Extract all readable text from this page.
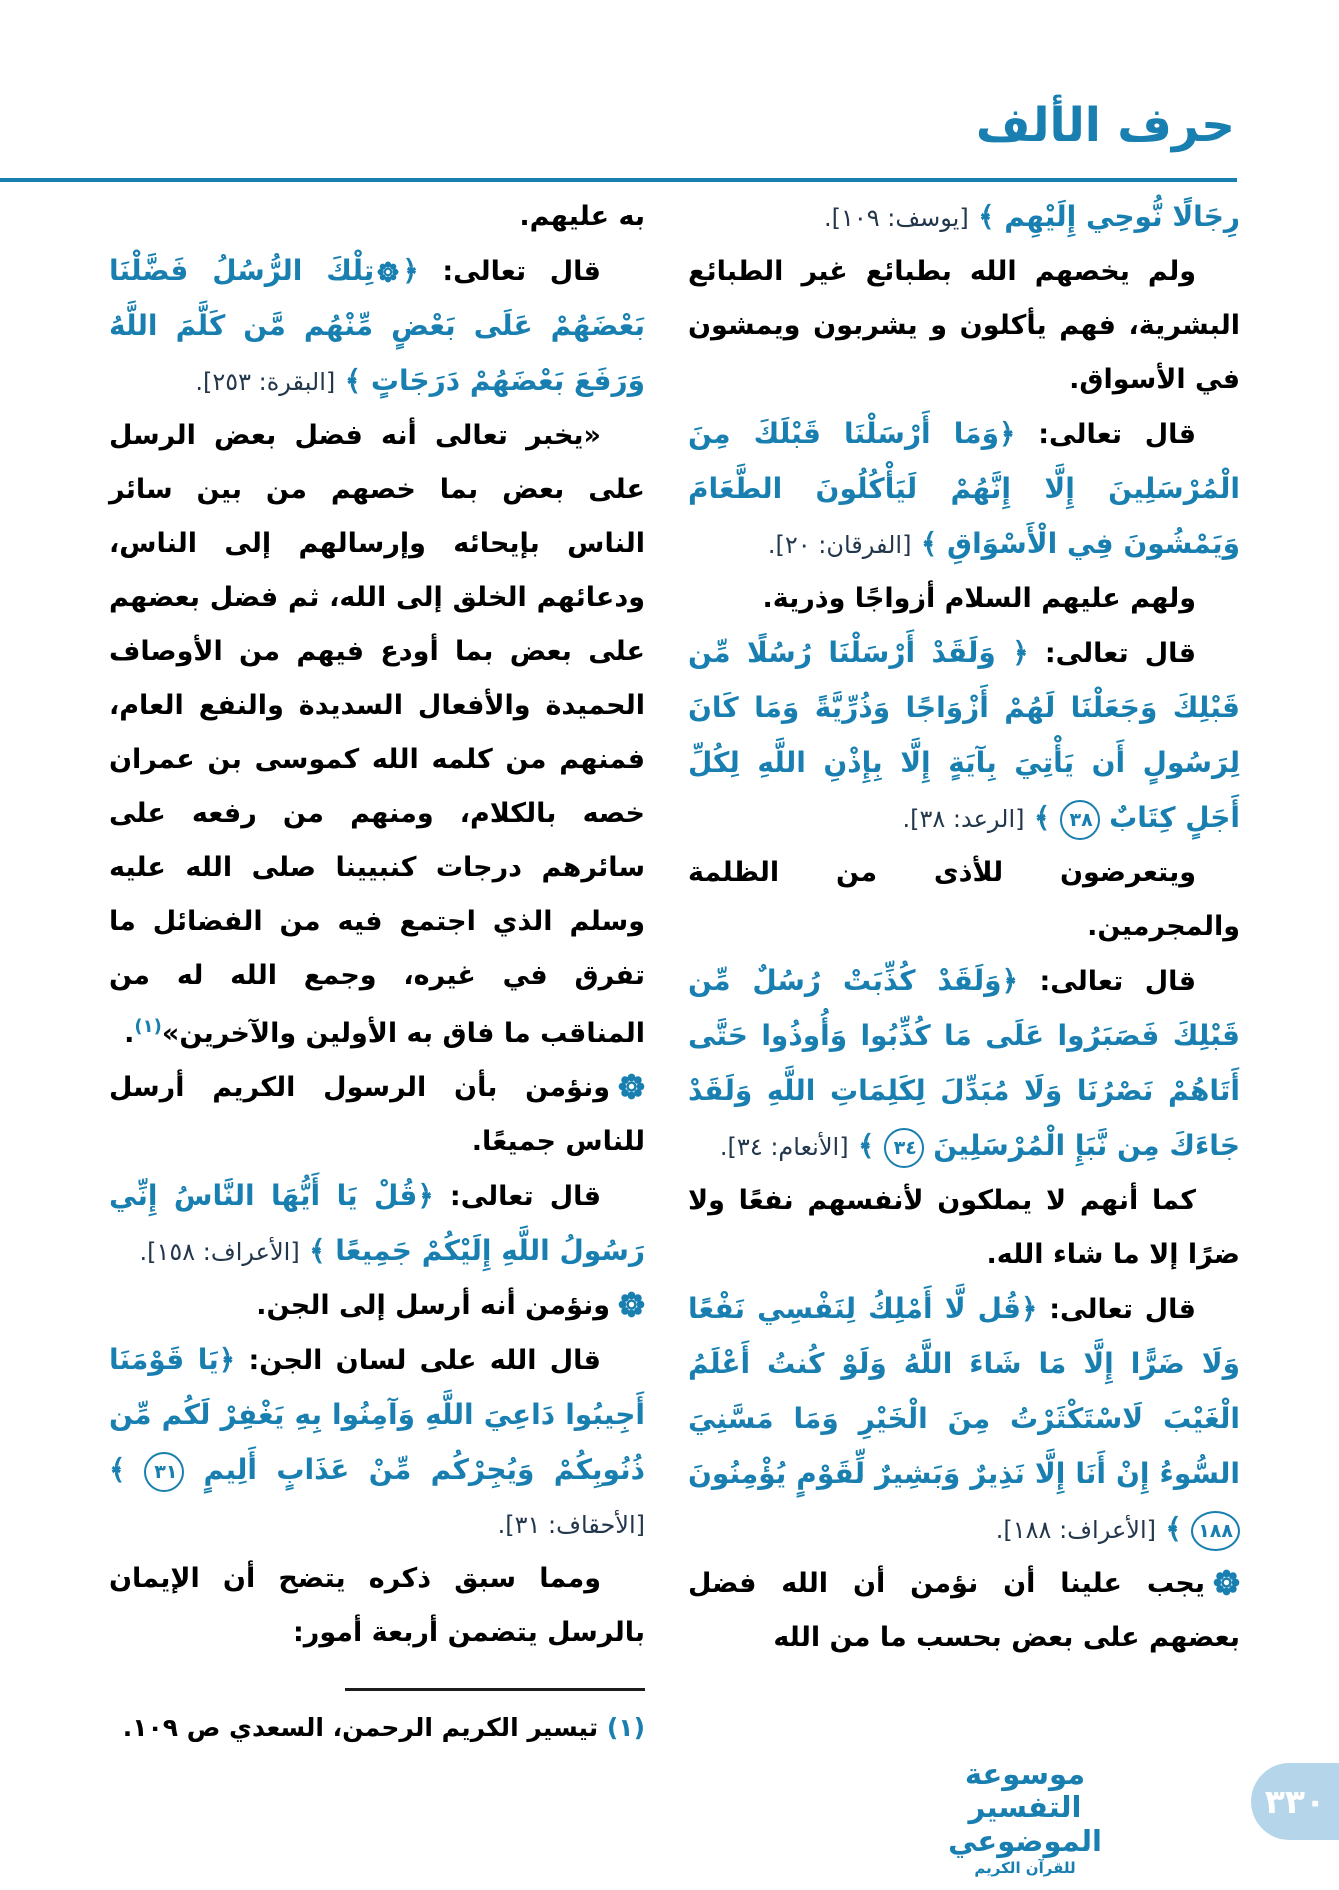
حرف الألف

رِجَالًا نُّوحِي إِلَيْهِم ﴾ [يوسف: ١٠٩].

ولم يخصهم الله بطبائع غير الطبائع البشرية، فهم يأكلون و يشربون ويمشون في الأسواق.

قال تعالى: ﴿وَمَا أَرْسَلْنَا قَبْلَكَ مِنَ الْمُرْسَلِينَ إِلَّا إِنَّهُمْ لَيَأْكُلُونَ الطَّعَامَ وَيَمْشُونَ فِي الْأَسْوَاقِ ﴾ [الفرقان: ٢٠].

ولهم عليهم السلام أزواجًا وذرية.

قال تعالى: ﴿ وَلَقَدْ أَرْسَلْنَا رُسُلًا مِّن قَبْلِكَ وَجَعَلْنَا لَهُمْ أَزْوَاجًا وَذُرِّيَّةً وَمَا كَانَ لِرَسُولٍ أَن يَأْتِيَ بِآيَةٍ إِلَّا بِإِذْنِ اللَّهِ لِكُلِّ أَجَلٍ كِتَابٌ ٣٨ ﴾ [الرعد: ٣٨].

ويتعرضون للأذى من الظلمة والمجرمين.

قال تعالى: ﴿وَلَقَدْ كُذِّبَتْ رُسُلٌ مِّن قَبْلِكَ فَصَبَرُوا عَلَى مَا كُذِّبُوا وَأُوذُوا حَتَّى أَتَاهُمْ نَصْرُنَا وَلَا مُبَدِّلَ لِكَلِمَاتِ اللَّهِ وَلَقَدْ جَاءَكَ مِن نَّبَإِ الْمُرْسَلِينَ ٣٤ ﴾ [الأنعام: ٣٤].

كما أنهم لا يملكون لأنفسهم نفعًا ولا ضرًا إلا ما شاء الله.

قال تعالى: ﴿قُل لَّا أَمْلِكُ لِنَفْسِي نَفْعًا وَلَا ضَرًّا إِلَّا مَا شَاءَ اللَّهُ وَلَوْ كُنتُ أَعْلَمُ الْغَيْبَ لَاسْتَكْثَرْتُ مِنَ الْخَيْرِ وَمَا مَسَّنِيَ السُّوءُ إِنْ أَنَا إِلَّا نَذِيرٌ وَبَشِيرٌ لِّقَوْمٍ يُؤْمِنُونَ ١٨٨ ﴾ [الأعراف: ١٨٨].

يجب علينا أن نؤمن أن الله فضل بعضهم على بعض بحسب ما من الله

به عليهم.

قال تعالى: ﴿تِلْكَ الرُّسُلُ فَضَّلْنَا بَعْضَهُمْ عَلَى بَعْضٍ مِّنْهُم مَّن كَلَّمَ اللَّهُ وَرَفَعَ بَعْضَهُمْ دَرَجَاتٍ ﴾ [البقرة: ٢٥٣].

«يخبر تعالى أنه فضل بعض الرسل على بعض بما خصهم من بين سائر الناس بإيحائه وإرسالهم إلى الناس، ودعائهم الخلق إلى الله، ثم فضل بعضهم على بعض بما أودع فيهم من الأوصاف الحميدة والأفعال السديدة والنفع العام، فمنهم من كلمه الله كموسى بن عمران خصه بالكلام، ومنهم من رفعه على سائرهم درجات كنبيينا صلى الله عليه وسلم الذي اجتمع فيه من الفضائل ما تفرق في غيره، وجمع الله له من المناقب ما فاق به الأولين والآخرين»$^{(١)}$.

ونؤمن بأن الرسول الكريم أرسل للناس جميعًا.

قال تعالى: ﴿قُلْ يَا أَيُّهَا النَّاسُ إِنِّي رَسُولُ اللَّهِ إِلَيْكُمْ جَمِيعًا ﴾ [الأعراف: ١٥٨].

ونؤمن أنه أرسل إلى الجن.

قال الله على لسان الجن: ﴿يَا قَوْمَنَا أَجِيبُوا دَاعِيَ اللَّهِ وَآمِنُوا بِهِ يَغْفِرْ لَكُم مِّن ذُنُوبِكُمْ وَيُجِرْكُم مِّنْ عَذَابٍ أَلِيمٍ ٣١ ﴾ [الأحقاف: ٣١].

ومما سبق ذكره يتضح أن الإيمان بالرسل يتضمن أربعة أمور:

(١) تيسير الكريم الرحمن، السعدي ص ١٠٩.
موسوعة التفسير الموضوعي
للقرآن الكريم
٣٣٠
